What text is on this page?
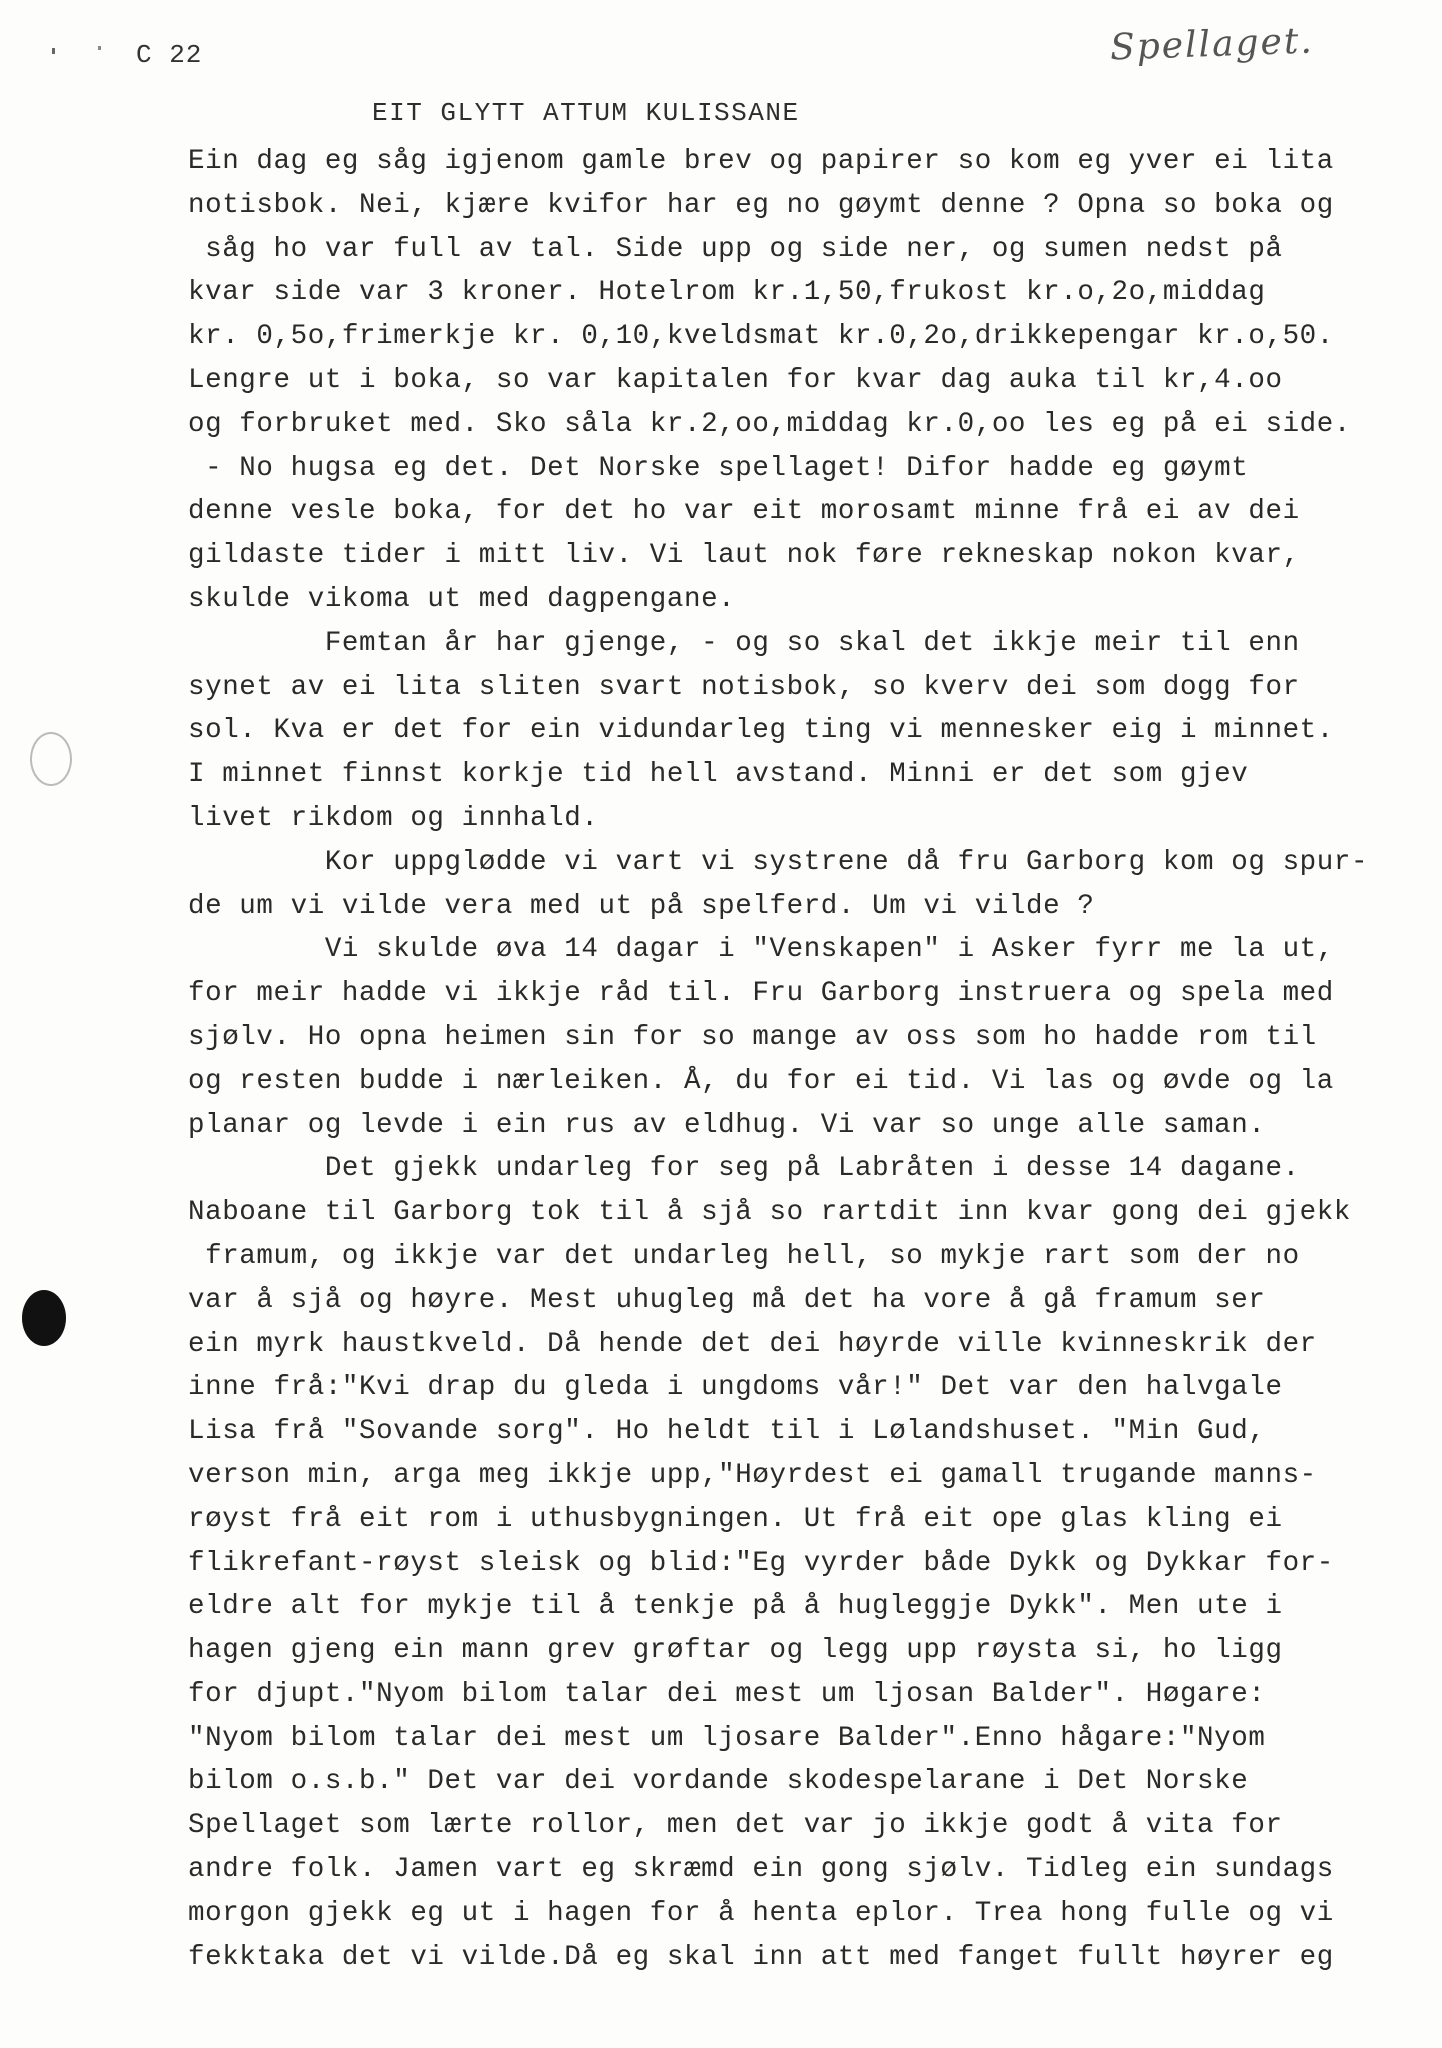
C 22	Spellaget.
EIT GLYTT ATTUM KULISSANE
Ein dag eg såg igjenom gamle brev og papirer so kom eg yver ei lita
notisbok. Nei, kjære kvifor har eg no gøymt denne ? Opna so boka og
såg ho var full av tal. Side upp og side ner, og sumen nedst på
kvar side var 3 kroner. Hotelrom kr.1,50,frukost kr.o,2o,middag
kr. 0,5o,frimerkje kr. 0,10,kveldsmat kr.0,2o,drikkepengar kr.o,50.
Lengre ut i boka, so var kapitalen for kvar dag auka til kr,4.oo
og forbruket med. Sko såla kr.2,oo,middag kr.0,oo les eg på ei side.
- No hugsa eg det. Det Norske spellaget! Difor hadde eg gøymt
denne vesle boka, for det ho var eit morosamt minne frå ei av dei
gildaste tider i mitt liv. Vi laut nok føre rekneskap nokon kvar,
skulde vikoma ut med dagpengane.
Femtan år har gjenge, - og so skal det ikkje meir til enn
synet av ei lita sliten svart notisbok, so kverv dei som dogg for
sol. Kva er det for ein vidundarleg ting vi mennesker eig i minnet.
I minnet finnst korkje tid hell avstand. Minni er det som gjev
livet rikdom og innhald.
Kor uppglødde vi vart vi systrene då fru Garborg kom og spur-
de um vi vilde vera med ut på spelferd. Um vi vilde ?
Vi skulde øva 14 dagar i "Venskapen" i Asker fyrr me la ut,
for meir hadde vi ikkje råd til. Fru Garborg instruera og spela med
sjølv. Ho opna heimen sin for so mange av oss som ho hadde rom til
og resten budde i nærleiken. Å, du for ei tid. Vi las og øvde og la
planar og levde i ein rus av eldhug. Vi var so unge alle saman.
Det gjekk undarleg for seg på Labråten i desse 14 dagane.
Naboane til Garborg tok til å sjå so rartdit inn kvar gong dei gjekk
framum, og ikkje var det undarleg hell, so mykje rart som der no
var å sjå og høyre. Mest uhugleg må det ha vore å gå framum ser
ein myrk haustkveld. Då hende det dei høyrde ville kvinneskrik der
inne frå:"Kvi drap du gleda i ungdoms vår!" Det var den halvgale
Lisa frå "Sovande sorg". Ho heldt til i Lølandshuset. "Min Gud,
verson min, arga meg ikkje upp,"Høyrdest ei gamall trugande manns-
røyst frå eit rom i uthusbygningen. Ut frå eit ope glas kling ei
flikrefant-røyst sleisk og blid:"Eg vyrder både Dykk og Dykkar for-
eldre alt for mykje til å tenkje på å hugleggje Dykk". Men ute i
hagen gjeng ein mann grev grøftar og legg upp røysta si, ho ligg
for djupt."Nyom bilom talar dei mest um ljosan Balder". Høgare:
"Nyom bilom talar dei mest um ljosare Balder".Enno hågare:"Nyom
bilom o.s.b." Det var dei vordande skodespelarane i Det Norske
Spellaget som lærte rollor, men det var jo ikkje godt å vita for
andre folk. Jamen vart eg skræmd ein gong sjølv. Tidleg ein sundags
morgon gjekk eg ut i hagen for å henta eplor. Trea hong fulle og vi
fekktaka det vi vilde.Då eg skal inn att med fanget fullt høyrer eg
